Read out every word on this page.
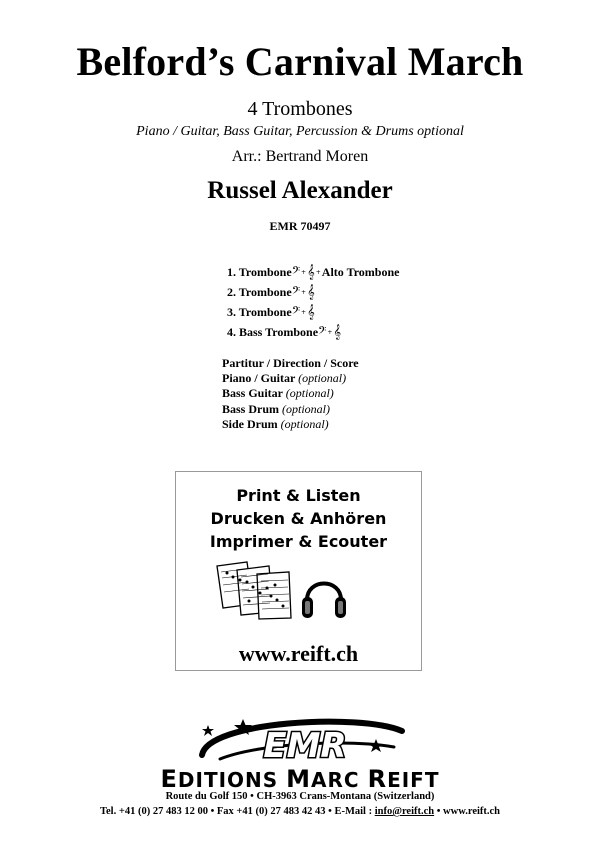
Belford’s Carnival March
4 Trombones
Piano / Guitar, Bass Guitar, Percussion & Drums optional
Arr.: Bertrand Moren
Russel Alexander
EMR 70497
1. Trombone𝄢+𝄞+Alto Trombone
2. Trombone𝄢+𝄞
3. Trombone𝄢+𝄞
4. Bass Trombone𝄢+𝄞
Partitur / Direction / Score
Piano / Guitar (optional)
Bass Guitar (optional)
Bass Drum (optional)
Side Drum (optional)
Print & Listen
Drucken & Anhören
Imprimer & Ecouter
www.reift.ch
EMR
EDITIONS MARC REIFT
Route du Golf 150 • CH-3963 Crans-Montana (Switzerland)
Tel. +41 (0) 27 483 12 00 • Fax +41 (0) 27 483 42 43 • E-Mail : info@reift.ch • www.reift.ch
